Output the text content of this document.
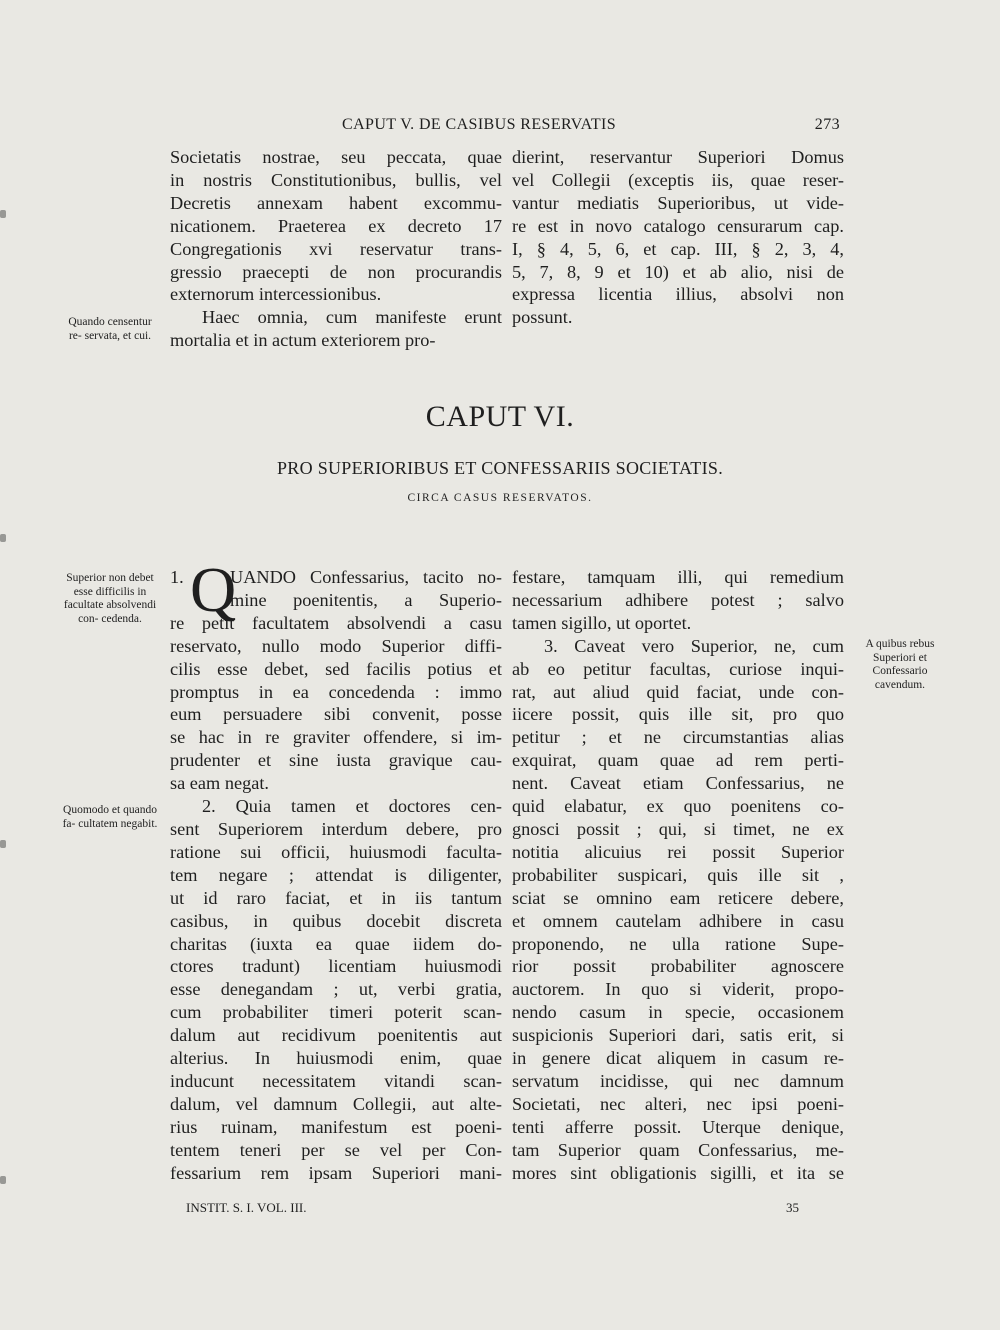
CAPUT V. DE CASIBUS RESERVATIS	273
Societatis nostrae, seu peccata, quae
in nostris Constitutionibus, bullis, vel
Decretis annexam habent excommu-
nicationem. Praeterea ex decreto 17
Congregationis xvi reservatur trans-
gressio praecepti de non procurandis
externorum intercessionibus.
Haec omnia, cum manifeste erunt
mortalia et in actum exteriorem pro-
dierint, reservantur Superiori Domus
vel Collegii (exceptis iis, quae reser-
vantur mediatis Superioribus, ut vide-
re est in novo catalogo censurarum cap.
I, § 4, 5, 6, et cap. III, § 2, 3, 4,
5, 7, 8, 9 et 10) et ab alio, nisi de
expressa licentia illius, absolvi non
possunt.
Quando censentur re- servata, et cui.
CAPUT VI.
PRO SUPERIORIBUS ET CONFESSARIIS SOCIETATIS.
CIRCA CASUS RESERVATOS.
Superior non debet esse difficilis in facultate absolvendi con- cedenda.
Quomodo et quando fa- cultatem negabit.
A quibus rebus Superiori et Confessario cavendum.
1. Q
UANDO Confessarius, tacito no-
mine poenitentis, a Superio-
re petit facultatem absolvendi a casu
reservato, nullo modo Superior diffi-
cilis esse debet, sed facilis potius et
promptus in ea concedenda : immo
eum persuadere sibi convenit, posse
se hac in re graviter offendere, si im-
prudenter et sine iusta gravique cau-
sa eam negat.
2. Quia tamen et doctores cen-
sent Superiorem interdum debere, pro
ratione sui officii, huiusmodi faculta-
tem negare ; attendat is diligenter,
ut id raro faciat, et in iis tantum
casibus, in quibus docebit discreta
charitas (iuxta ea quae iidem do-
ctores tradunt) licentiam huiusmodi
esse denegandam ; ut, verbi gratia,
cum probabiliter timeri poterit scan-
dalum aut recidivum poenitentis aut
alterius. In huiusmodi enim, quae
inducunt necessitatem vitandi scan-
dalum, vel damnum Collegii, aut alte-
rius ruinam, manifestum est poeni-
tentem teneri per se vel per Con-
fessarium rem ipsam Superiori mani-
festare, tamquam illi, qui remedium
necessarium adhibere potest ; salvo
tamen sigillo, ut oportet.
3. Caveat vero Superior, ne, cum
ab eo petitur facultas, curiose inqui-
rat, aut aliud quid faciat, unde con-
iicere possit, quis ille sit, pro quo
petitur ; et ne circumstantias alias
exquirat, quam quae ad rem perti-
nent. Caveat etiam Confessarius, ne
quid elabatur, ex quo poenitens co-
gnosci possit ; qui, si timet, ne ex
notitia alicuius rei possit Superior
probabiliter suspicari, quis ille sit ,
sciat se omnino eam reticere debere,
et omnem cautelam adhibere in casu
proponendo, ne ulla ratione Supe-
rior possit probabiliter agnoscere
auctorem. In quo si viderit, propo-
nendo casum in specie, occasionem
suspicionis Superiori dari, satis erit, si
in genere dicat aliquem in casum re-
servatum incidisse, qui nec damnum
Societati, nec alteri, nec ipsi poeni-
tenti afferre possit. Uterque denique,
tam Superior quam Confessarius, me-
mores sint obligationis sigilli, et ita se
INSTIT. S. I. VOL. III.	35
